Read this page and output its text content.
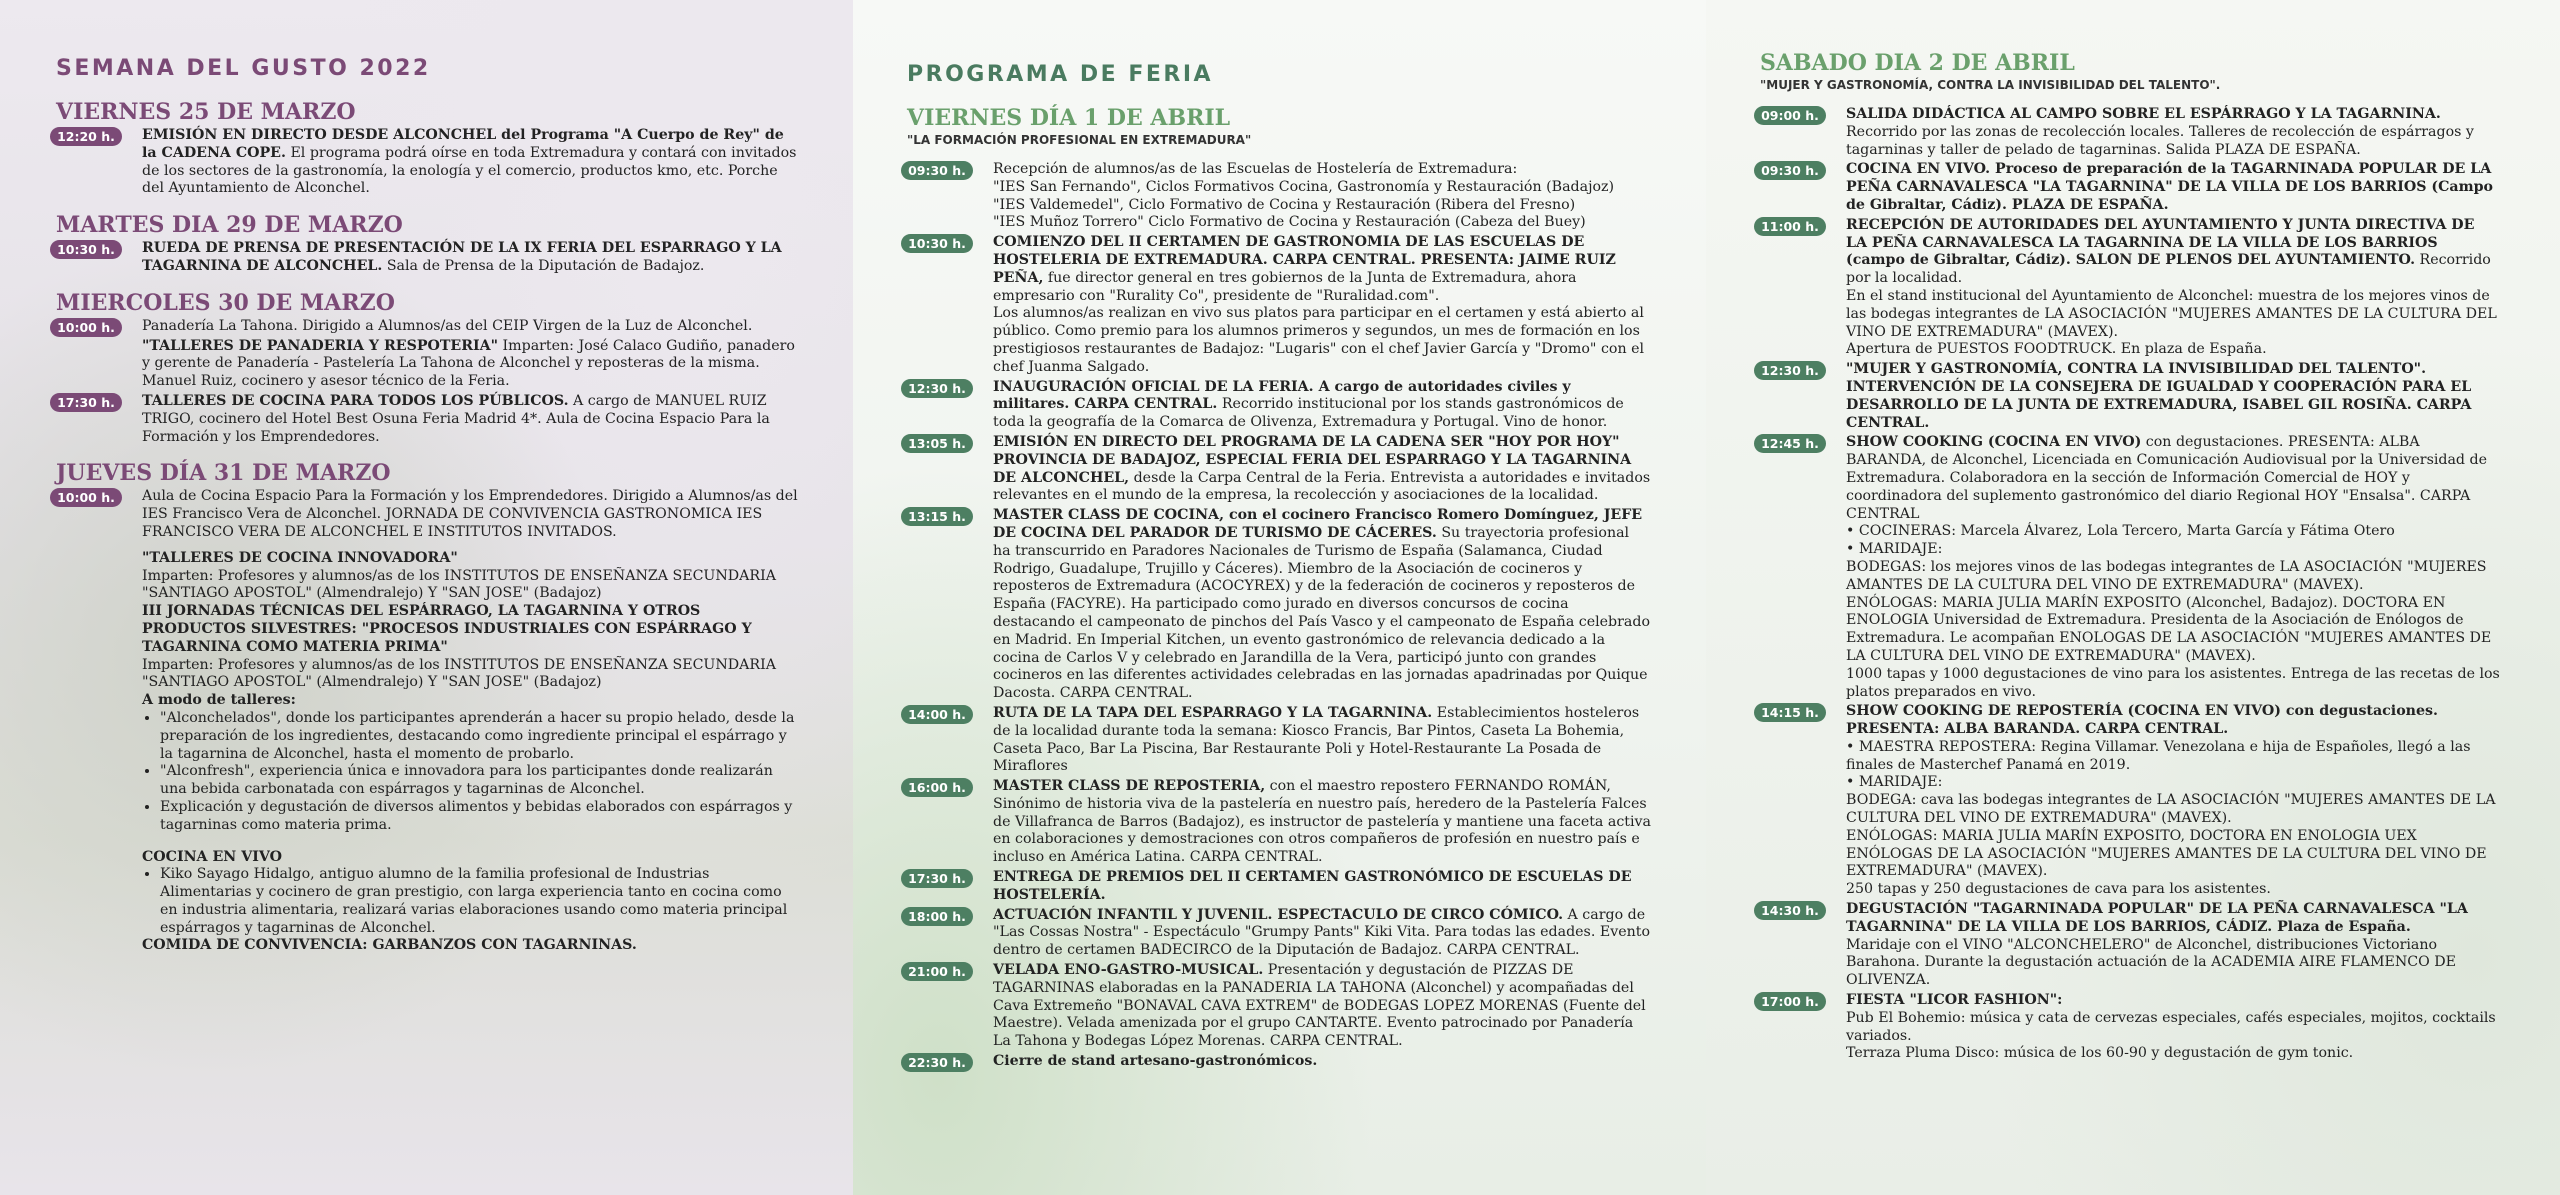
SEMANA DEL GUSTO 2022
VIERNES 25 DE MARZO
12:20 h.	EMISIÓN EN DIRECTO DESDE ALCONCHEL del Programa "A Cuerpo de Rey" de la CADENA COPE. El programa podrá oírse en toda Extremadura y contará con invitados de los sectores de la gastronomía, la enología y el comercio, productos kmo, etc. Porche del Ayuntamiento de Alconchel.
MARTES DIA 29 DE MARZO
10:30 h.	RUEDA DE PRENSA DE PRESENTACIÓN DE LA IX FERIA DEL ESPARRAGO Y LA TAGARNINA DE ALCONCHEL. Sala de Prensa de la Diputación de Badajoz.
MIERCOLES 30 DE MARZO
10:00 h.	Panadería La Tahona. Dirigido a Alumnos/as del CEIP Virgen de la Luz de Alconchel.
"TALLERES DE PANADERIA Y RESPOTERIA" Imparten: José Calaco Gudiño, panadero y gerente de Panadería - Pastelería La Tahona de Alconchel y reposteras de la misma. Manuel Ruiz, cocinero y asesor técnico de la Feria.
17:30 h.	TALLERES DE COCINA PARA TODOS LOS PÚBLICOS. A cargo de MANUEL RUIZ TRIGO, cocinero del Hotel Best Osuna Feria Madrid 4*. Aula de Cocina Espacio Para la Formación y los Emprendedores.
JUEVES DÍA 31 DE MARZO
10:00 h.	Aula de Cocina Espacio Para la Formación y los Emprendedores. Dirigido a Alumnos/as del IES Francisco Vera de Alconchel. JORNADA DE CONVIVENCIA GASTRONOMICA IES FRANCISCO VERA DE ALCONCHEL E INSTITUTOS INVITADOS.
"TALLERES DE COCINA INNOVADORA"
Imparten: Profesores y alumnos/as de los INSTITUTOS DE ENSEÑANZA SECUNDARIA "SANTIAGO APOSTOL" (Almendralejo) Y "SAN JOSE" (Badajoz)
III JORNADAS TÉCNICAS DEL ESPÁRRAGO, LA TAGARNINA Y OTROS PRODUCTOS SILVESTRES: "PROCESOS INDUSTRIALES CON ESPÁRRAGO Y TAGARNINA COMO MATERIA PRIMA"
Imparten: Profesores y alumnos/as de los INSTITUTOS DE ENSEÑANZA SECUNDARIA "SANTIAGO APOSTOL" (Almendralejo) Y "SAN JOSE" (Badajoz)
A modo de talleres:
• "Alconchelados", donde los participantes aprenderán a hacer su propio helado, desde la preparación de los ingredientes, destacando como ingrediente principal el espárrago y la tagarnina de Alconchel, hasta el momento de probarlo.
• "Alconfresh", experiencia única e innovadora para los participantes donde realizarán una bebida carbonatada con espárragos y tagarninas de Alconchel.
• Explicación y degustación de diversos alimentos y bebidas elaborados con espárragos y tagarninas como materia prima.
COCINA EN VIVO
• Kiko Sayago Hidalgo, antiguo alumno de la familia profesional de Industrias Alimentarias y cocinero de gran prestigio, con larga experiencia tanto en cocina como en industria alimentaria, realizará varias elaboraciones usando como materia principal espárragos y tagarninas de Alconchel.
COMIDA DE CONVIVENCIA: GARBANZOS CON TAGARNINAS.
PROGRAMA DE FERIA
VIERNES DÍA 1 DE ABRIL
"LA FORMACIÓN PROFESIONAL EN EXTREMADURA"
09:30 h.	Recepción de alumnos/as de las Escuelas de Hostelería de Extremadura:
"IES San Fernando", Ciclos Formativos Cocina, Gastronomía y Restauración (Badajoz)
"IES Valdemedel", Ciclo Formativo de Cocina y Restauración (Ribera del Fresno)
"IES Muñoz Torrero" Ciclo Formativo de Cocina y Restauración (Cabeza del Buey)
10:30 h.	COMIENZO DEL II CERTAMEN DE GASTRONOMIA DE LAS ESCUELAS DE HOSTELERIA DE EXTREMADURA. CARPA CENTRAL. PRESENTA: JAIME RUIZ PEÑA, fue director general en tres gobiernos de la Junta de Extremadura, ahora empresario con "Rurality Co", presidente de "Ruralidad.com".
Los alumnos/as realizan en vivo sus platos para participar en el certamen y está abierto al público. Como premio para los alumnos primeros y segundos, un mes de formación en los prestigiosos restaurantes de Badajoz: "Lugaris" con el chef Javier García y "Dromo" con el chef Juanma Salgado.
12:30 h.	INAUGURACIÓN OFICIAL DE LA FERIA. A cargo de autoridades civiles y militares. CARPA CENTRAL. Recorrido institucional por los stands gastronómicos de toda la geografía de la Comarca de Olivenza, Extremadura y Portugal. Vino de honor.
13:05 h.	EMISIÓN EN DIRECTO DEL PROGRAMA DE LA CADENA SER "HOY POR HOY" PROVINCIA DE BADAJOZ, ESPECIAL FERIA DEL ESPARRAGO Y LA TAGARNINA DE ALCONCHEL, desde la Carpa Central de la Feria. Entrevista a autoridades e invitados relevantes en el mundo de la empresa, la recolección y asociaciones de la localidad.
13:15 h.	MASTER CLASS DE COCINA, con el cocinero Francisco Romero Domínguez, JEFE DE COCINA DEL PARADOR DE TURISMO DE CÁCERES. Su trayectoria profesional ha transcurrido en Paradores Nacionales de Turismo de España (Salamanca, Ciudad Rodrigo, Guadalupe, Trujillo y Cáceres). Miembro de la Asociación de cocineros y reposteros de Extremadura (ACOCYREX) y de la federación de cocineros y reposteros de España (FACYRE). Ha participado como jurado en diversos concursos de cocina destacando el campeonato de pinchos del País Vasco y el campeonato de España celebrado en Madrid. En Imperial Kitchen, un evento gastronómico de relevancia dedicado a la cocina de Carlos V y celebrado en Jarandilla de la Vera, participó junto con grandes cocineros en las diferentes actividades celebradas en las jornadas apadrinadas por Quique Dacosta. CARPA CENTRAL.
14:00 h.	RUTA DE LA TAPA DEL ESPARRAGO Y LA TAGARNINA. Establecimientos hosteleros de la localidad durante toda la semana: Kiosco Francis, Bar Pintos, Caseta La Bohemia, Caseta Paco, Bar La Piscina, Bar Restaurante Poli y Hotel-Restaurante La Posada de Miraflores
16:00 h.	MASTER CLASS DE REPOSTERIA, con el maestro repostero FERNANDO ROMÁN, Sinónimo de historia viva de la pastelería en nuestro país, heredero de la Pastelería Falces de Villafranca de Barros (Badajoz), es instructor de pastelería y mantiene una faceta activa en colaboraciones y demostraciones con otros compañeros de profesión en nuestro país e incluso en América Latina. CARPA CENTRAL.
17:30 h.	ENTREGA DE PREMIOS DEL II CERTAMEN GASTRONÓMICO DE ESCUELAS DE HOSTELERÍA.
18:00 h.	ACTUACIÓN INFANTIL Y JUVENIL. ESPECTACULO DE CIRCO CÓMICO. A cargo de "Las Cossas Nostra" - Espectáculo "Grumpy Pants" Kiki Vita. Para todas las edades. Evento dentro de certamen BADECIRCO de la Diputación de Badajoz. CARPA CENTRAL.
21:00 h.	VELADA ENO-GASTRO-MUSICAL. Presentación y degustación de PIZZAS DE TAGARNINAS elaboradas en la PANADERIA LA TAHONA (Alconchel) y acompañadas del Cava Extremeño "BONAVAL CAVA EXTREM" de BODEGAS LOPEZ MORENAS (Fuente del Maestre). Velada amenizada por el grupo CANTARTE. Evento patrocinado por Panadería La Tahona y Bodegas López Morenas. CARPA CENTRAL.
22:30 h.	Cierre de stand artesano-gastronómicos.
SABADO DIA 2 DE ABRIL
"MUJER Y GASTRONOMÍA, CONTRA LA INVISIBILIDAD DEL TALENTO".
09:00 h.	SALIDA DIDÁCTICA AL CAMPO SOBRE EL ESPÁRRAGO Y LA TAGARNINA. Recorrido por las zonas de recolección locales. Talleres de recolección de espárragos y tagarninas y taller de pelado de tagarninas. Salida PLAZA DE ESPAÑA.
09:30 h.	COCINA EN VIVO. Proceso de preparación de la TAGARNINADA POPULAR DE LA PEÑA CARNAVALESCA "LA TAGARNINA" DE LA VILLA DE LOS BARRIOS (Campo de Gibraltar, Cádiz). PLAZA DE ESPAÑA.
11:00 h.	RECEPCIÓN DE AUTORIDADES DEL AYUNTAMIENTO Y JUNTA DIRECTIVA DE LA PEÑA CARNAVALESCA LA TAGARNINA DE LA VILLA DE LOS BARRIOS (campo de Gibraltar, Cádiz). SALON DE PLENOS DEL AYUNTAMIENTO. Recorrido por la localidad.
En el stand institucional del Ayuntamiento de Alconchel: muestra de los mejores vinos de las bodegas integrantes de LA ASOCIACIÓN "MUJERES AMANTES DE LA CULTURA DEL VINO DE EXTREMADURA" (MAVEX).
Apertura de PUESTOS FOODTRUCK. En plaza de España.
12:30 h.	"MUJER Y GASTRONOMÍA, CONTRA LA INVISIBILIDAD DEL TALENTO". INTERVENCIÓN DE LA CONSEJERA DE IGUALDAD Y COOPERACIÓN PARA EL DESARROLLO DE LA JUNTA DE EXTREMADURA, ISABEL GIL ROSIÑA. CARPA CENTRAL.
12:45 h.	SHOW COOKING (COCINA EN VIVO) con degustaciones. PRESENTA: ALBA BARANDA, de Alconchel, Licenciada en Comunicación Audiovisual por la Universidad de Extremadura. Colaboradora en la sección de Información Comercial de HOY y coordinadora del suplemento gastronómico del diario Regional HOY "Ensalsa". CARPA CENTRAL
• COCINERAS: Marcela Álvarez, Lola Tercero, Marta García y Fátima Otero
• MARIDAJE:
BODEGAS: los mejores vinos de las bodegas integrantes de LA ASOCIACIÓN "MUJERES AMANTES DE LA CULTURA DEL VINO DE EXTREMADURA" (MAVEX).
ENÓLOGAS: MARIA JULIA MARÍN EXPOSITO (Alconchel, Badajoz). DOCTORA EN ENOLOGIA Universidad de Extremadura. Presidenta de la Asociación de Enólogos de Extremadura. Le acompañan ENOLOGAS DE LA ASOCIACIÓN "MUJERES AMANTES DE LA CULTURA DEL VINO DE EXTREMADURA" (MAVEX).
1000 tapas y 1000 degustaciones de vino para los asistentes. Entrega de las recetas de los platos preparados en vivo.
14:15 h.	SHOW COOKING DE REPOSTERÍA (COCINA EN VIVO) con degustaciones. PRESENTA: ALBA BARANDA. CARPA CENTRAL.
• MAESTRA REPOSTERA: Regina Villamar. Venezolana e hija de Españoles, llegó a las finales de Masterchef Panamá en 2019.
• MARIDAJE:
BODEGA: cava las bodegas integrantes de LA ASOCIACIÓN "MUJERES AMANTES DE LA CULTURA DEL VINO DE EXTREMADURA" (MAVEX).
ENÓLOGAS: MARIA JULIA MARÍN EXPOSITO, DOCTORA EN ENOLOGIA UEX ENÓLOGAS DE LA ASOCIACIÓN "MUJERES AMANTES DE LA CULTURA DEL VINO DE EXTREMADURA" (MAVEX).
250 tapas y 250 degustaciones de cava para los asistentes.
14:30 h.	DEGUSTACIÓN "TAGARNINADA POPULAR" DE LA PEÑA CARNAVALESCA "LA TAGARNINA" DE LA VILLA DE LOS BARRIOS, CÁDIZ. Plaza de España.
Maridaje con el VINO "ALCONCHELERO" de Alconchel, distribuciones Victoriano Barahona. Durante la degustación actuación de la ACADEMIA AIRE FLAMENCO DE OLIVENZA.
17:00 h.	FIESTA "LICOR FASHION":
Pub El Bohemio: música y cata de cervezas especiales, cafés especiales, mojitos, cocktails variados.
Terraza Pluma Disco: música de los 60-90 y degustación de gym tonic.
